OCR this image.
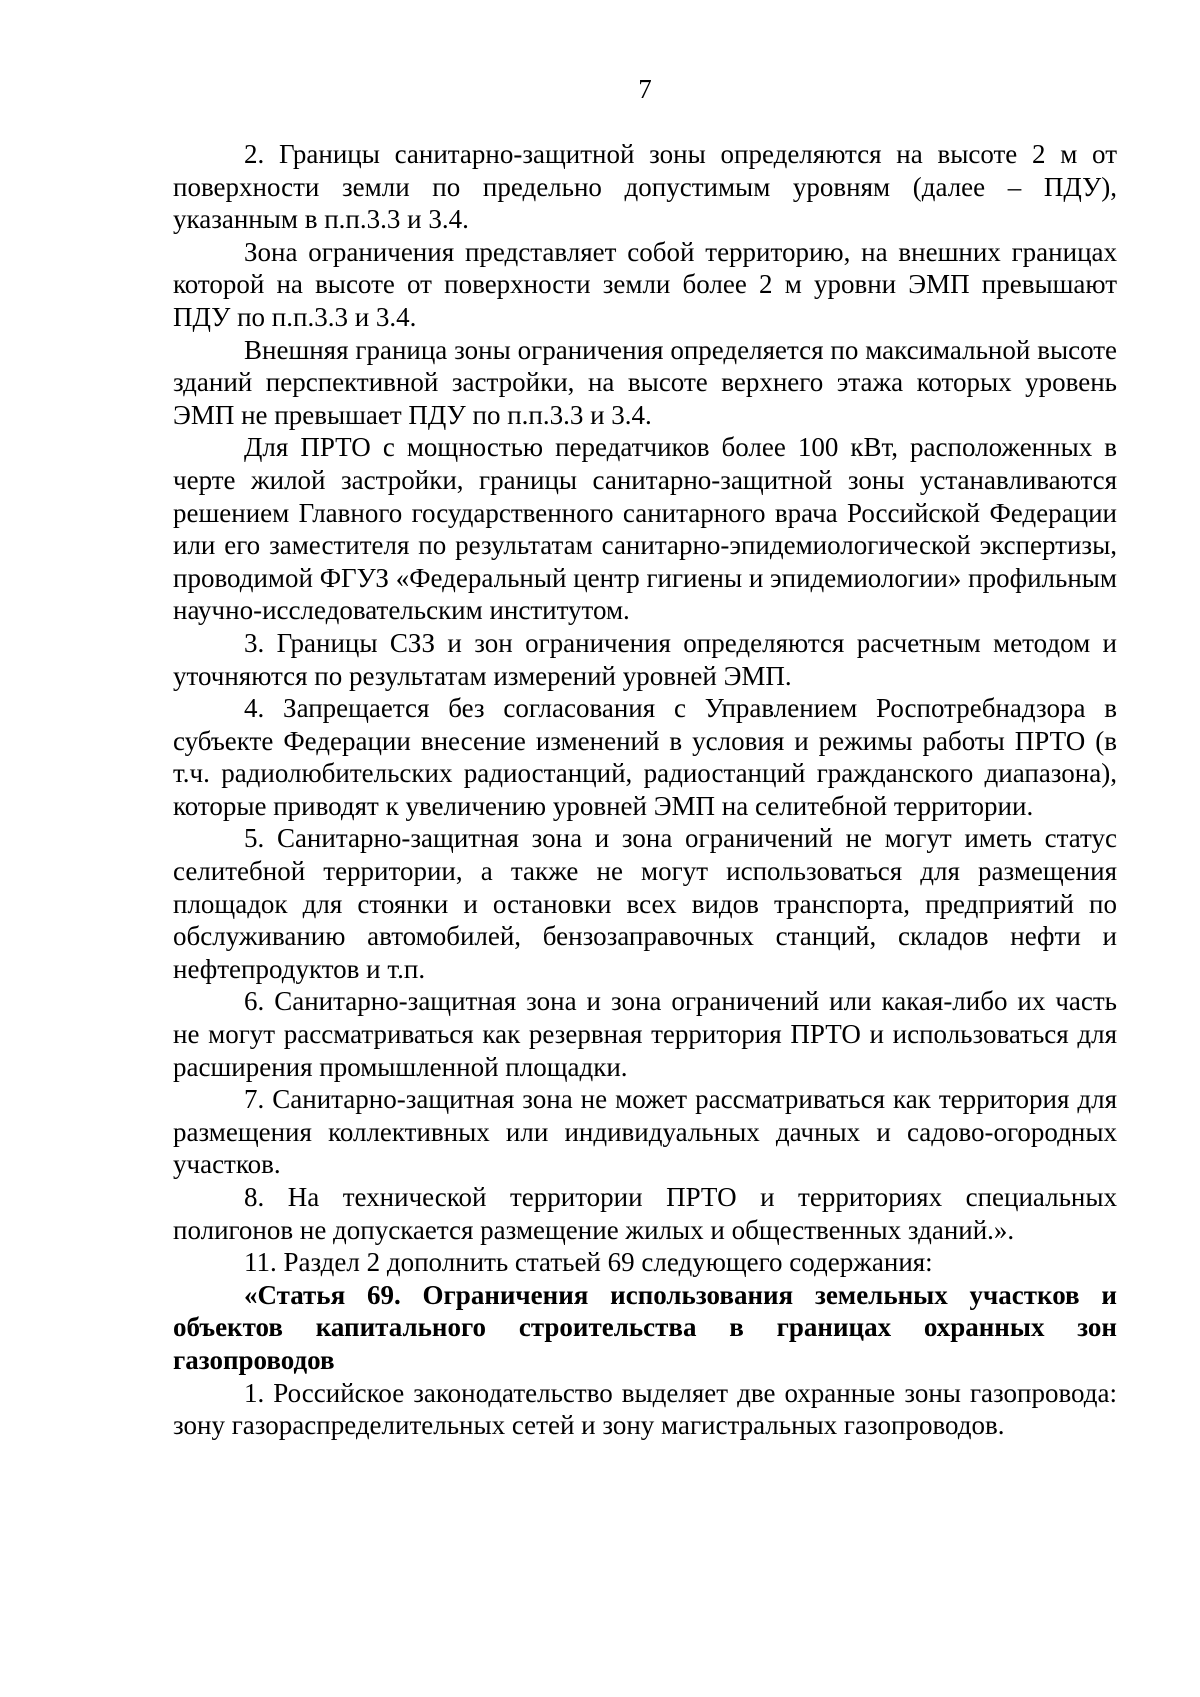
7

2. Границы санитарно-защитной зоны определяются на высоте 2 м от поверхности земли по предельно допустимым уровням (далее – ПДУ), указанным в п.п.3.3 и 3.4.

Зона ограничения представляет собой территорию, на внешних границах которой на высоте от поверхности земли более 2 м уровни ЭМП превышают ПДУ по п.п.3.3 и 3.4.

Внешняя граница зоны ограничения определяется по максимальной высоте зданий перспективной застройки, на высоте верхнего этажа которых уровень ЭМП не превышает ПДУ по п.п.3.3 и 3.4.

Для ПРТО с мощностью передатчиков более 100 кВт, расположенных в черте жилой застройки, границы санитарно-защитной зоны устанавливаются решением Главного государственного санитарного врача Российской Федерации или его заместителя по результатам санитарно-эпидемиологической экспертизы, проводимой ФГУЗ «Федеральный центр гигиены и эпидемиологии» профильным научно-исследовательским институтом.

3. Границы СЗЗ и зон ограничения определяются расчетным методом и уточняются по результатам измерений уровней ЭМП.

4. Запрещается без согласования с Управлением Роспотребнадзора в субъекте Федерации внесение изменений в условия и режимы работы ПРТО (в т.ч. радиолюбительских радиостанций, радиостанций гражданского диапазона), которые приводят к увеличению уровней ЭМП на селитебной территории.

5. Санитарно-защитная зона и зона ограничений не могут иметь статус селитебной территории, а также не могут использоваться для размещения площадок для стоянки и остановки всех видов транспорта, предприятий по обслуживанию автомобилей, бензозаправочных станций, складов нефти и нефтепродуктов и т.п.

6. Санитарно-защитная зона и зона ограничений или какая-либо их часть не могут рассматриваться как резервная территория ПРТО и использоваться для расширения промышленной площадки.

7. Санитарно-защитная зона не может рассматриваться как территория для размещения коллективных или индивидуальных дачных и садово-огородных участков.

8. На технической территории ПРТО и территориях специальных полигонов не допускается размещение жилых и общественных зданий.».

11. Раздел 2 дополнить статьей 69 следующего содержания:

«Статья 69. Ограничения использования земельных участков и объектов капитального строительства в границах охранных зон газопроводов

1. Российское законодательство выделяет две охранные зоны газопровода: зону газораспределительных сетей и зону магистральных газопроводов.
